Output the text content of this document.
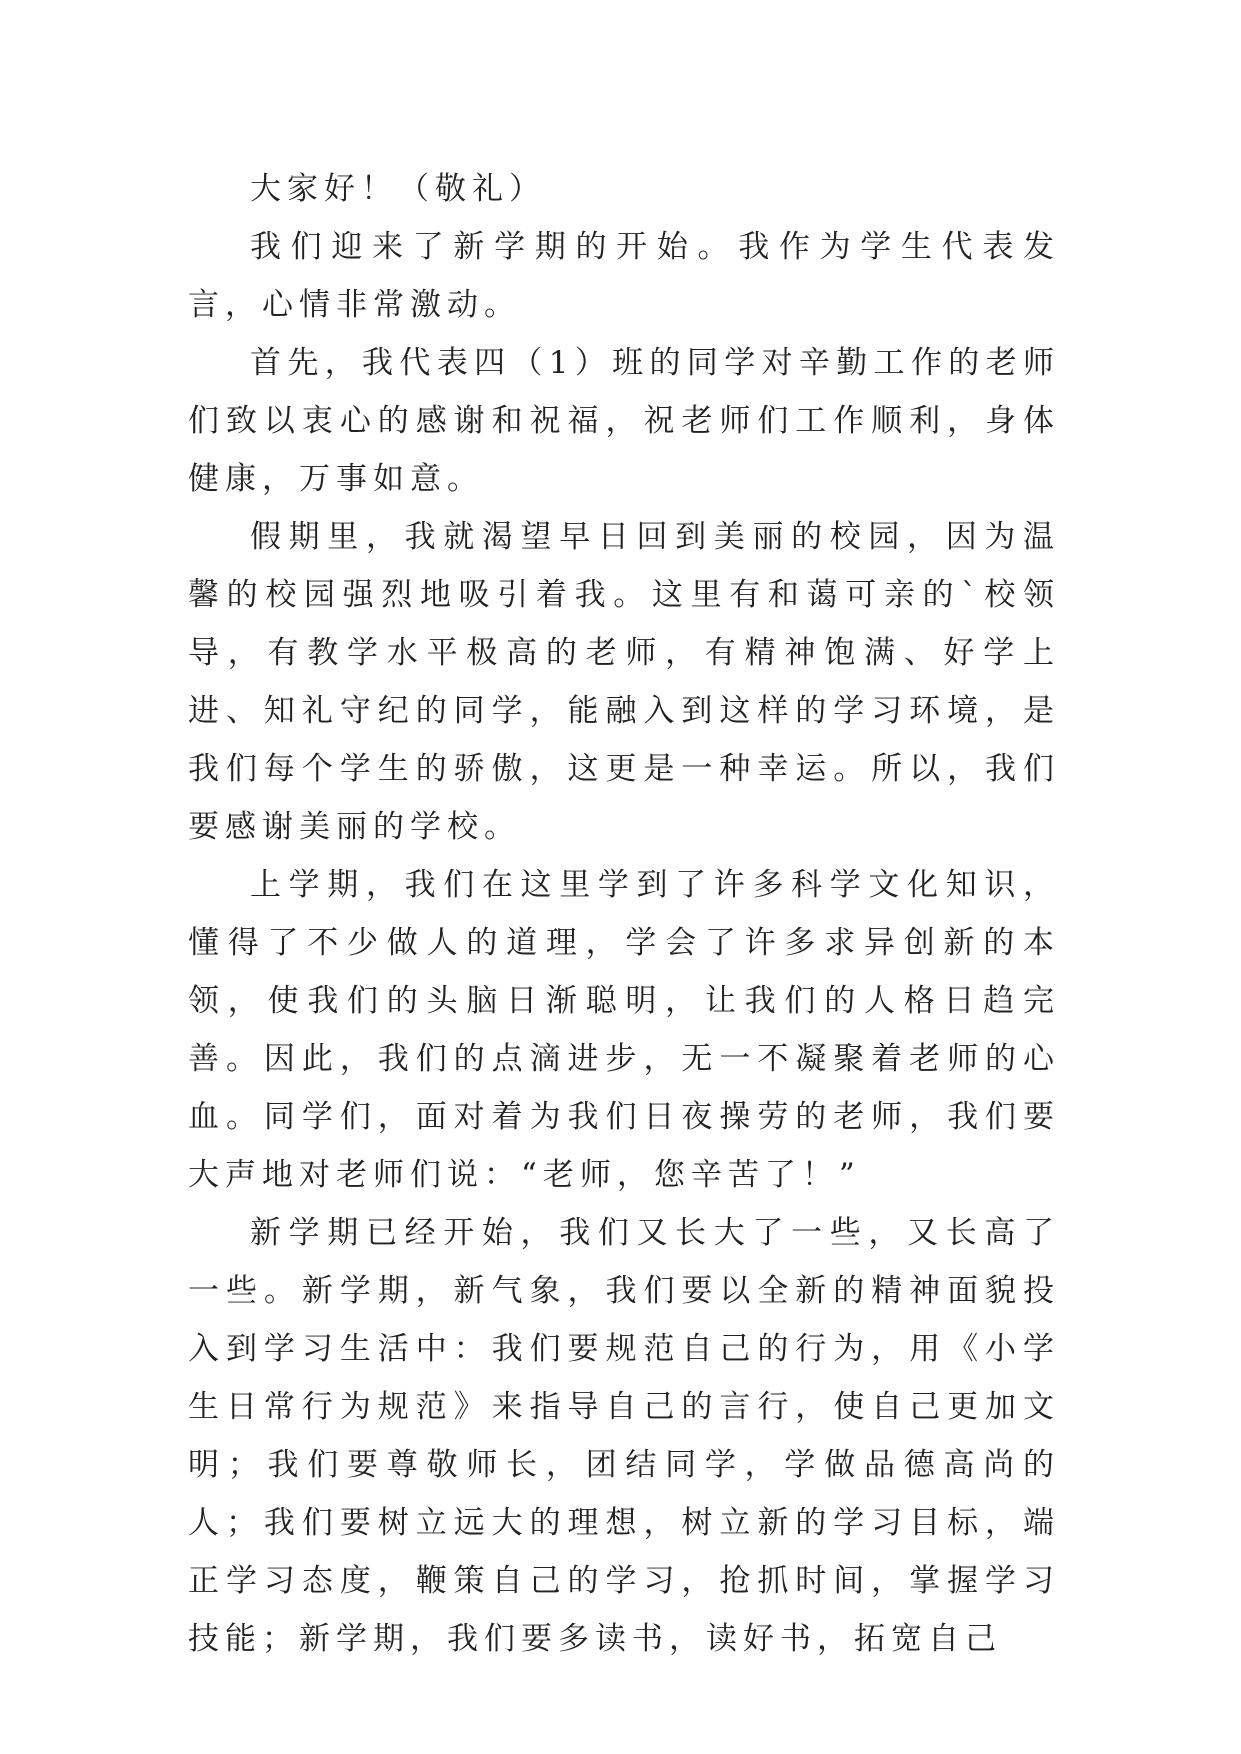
大家好！（敬礼）

我们迎来了新学期的开始。我作为学生代表发言，心情非常激动。

首先，我代表四（1）班的同学对辛勤工作的老师们致以衷心的感谢和祝福，祝老师们工作顺利，身体健康，万事如意。

假期里，我就渴望早日回到美丽的校园，因为温馨的校园强烈地吸引着我。这里有和蔼可亲的`校领导，有教学水平极高的老师，有精神饱满、好学上进、知礼守纪的同学，能融入到这样的学习环境，是我们每个学生的骄傲，这更是一种幸运。所以，我们要感谢美丽的学校。

上学期，我们在这里学到了许多科学文化知识，懂得了不少做人的道理，学会了许多求异创新的本领，使我们的头脑日渐聪明，让我们的人格日趋完善。因此，我们的点滴进步，无一不凝聚着老师的心血。同学们，面对着为我们日夜操劳的老师，我们要大声地对老师们说：“老师，您辛苦了！”

新学期已经开始，我们又长大了一些，又长高了一些。新学期，新气象，我们要以全新的精神面貌投入到学习生活中：我们要规范自己的行为，用《小学生日常行为规范》来指导自己的言行，使自己更加文明；我们要尊敬师长，团结同学，学做品德高尚的人；我们要树立远大的理想，树立新的学习目标，端正学习态度，鞭策自己的学习，抢抓时间，掌握学习技能；新学期，我们要多读书，读好书，拓宽自己
